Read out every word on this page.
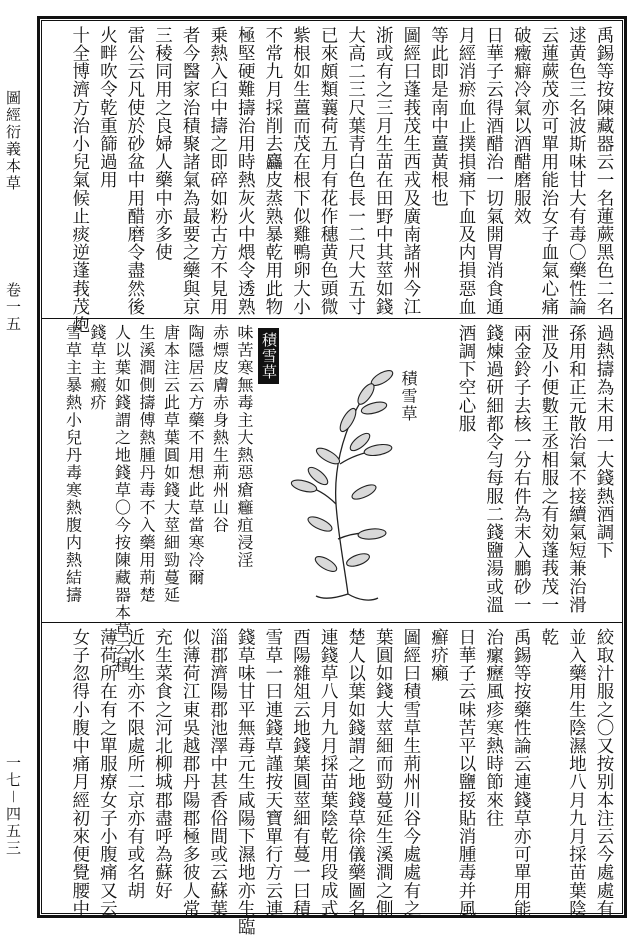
圖經衍義本草
卷一五
一七－四五三
禹錫等按陳藏器云一名蓮蕨黑色二名
逑黄色三名波斯味甘大有毒〇藥性論
云蓮蕨茂亦可單用能治女子血氣心痛
破癥癖冷氣以酒醋磨服效
日華子云得酒醋治一切氣開胃消食通
月經消瘀血止撲損痛下血及内損惡血
等此即是南中薑黃根也
圖經曰蓬莪茂生西戎及廣南諸州今江
浙或有之三月生苗在田野中其莖如錢
大高二三尺葉青白色長一二尺大五寸
已來頗類蘘荷五月有花作穗黄色頭微
紫根如生薑而茂在根下似雞鴨卵大小
不常九月採削去麤皮蒸熟暴乾用此物
極堅硬難擣治用時熱灰火中煨令透熟
乗熱入臼中擣之即碎如粉古方不見用
者今醫家治積聚諸氣為最要之藥與京
三稜同用之良婦人藥中亦多使
雷公云凡使於砂盆中用醋磨令盡然後
火畔吹令乾重篩過用
十全博濟方治小兒氣候止痰逆蓬莪茂炮
過熱擣為末用一大錢熱酒調下
孫用和正元散治氣不接續氣短兼治滑
泄及小便數王丞相服之有効蓬莪茂一
兩金鈴子去核一分右件為末入鵬砂一
錢煉過研細都令勻每服二錢鹽湯或溫
酒調下空心服
積雪草
積雪草
味苦寒無毒主大熱惡瘡癰疽浸淫
赤熛皮膚赤身熱生荊州山谷
陶隱居云方藥不用想此草當寒冷爾
唐本注云此草葉圓如錢大莖細勁蔓延
生溪澗側擣傅熱腫丹毒不入藥用荊楚
人以葉如錢謂之地錢草〇今按陳藏器本草云積
錢草主瘢疥
雪草主暴熱小兒丹毒寒熱腹内熱結擣
絞取汁服之〇又按别本注云今處處有
並入藥用生陰濕地八月九月採苗葉陰
乾
禹錫等按藥性論云連錢草亦可單用能
治瘰癧風疹寒熱時節來往
日華子云味苦平以鹽挼貼消腫毒并風
癬疥癩
圖經曰積雪草生荊州川谷今處處有之
葉圓如錢大莖細而勁蔓延生溪澗之側
楚人以葉如錢謂之地錢草徐儀藥圖名
連錢草八月九月採苗葉陰乾用段成式
酉陽雜俎云地錢葉圓莖細有蔓一曰積
雪草一曰連錢草謹按天寶單行方云連
錢草味甘平無毒元生咸陽下濕地亦生臨
淄郡濟陽郡池澤中甚香俗間或云蘇葉
似薄荷江東吳越郡丹陽郡極多彼人常
充生菜食之河北柳城郡盡呼為蘇好
近水生亦不限處所二京亦有或名胡
薄荷所在有之單服療女子小腹痛又云
女子忽得小腹中痛月經初來便覺腰中
